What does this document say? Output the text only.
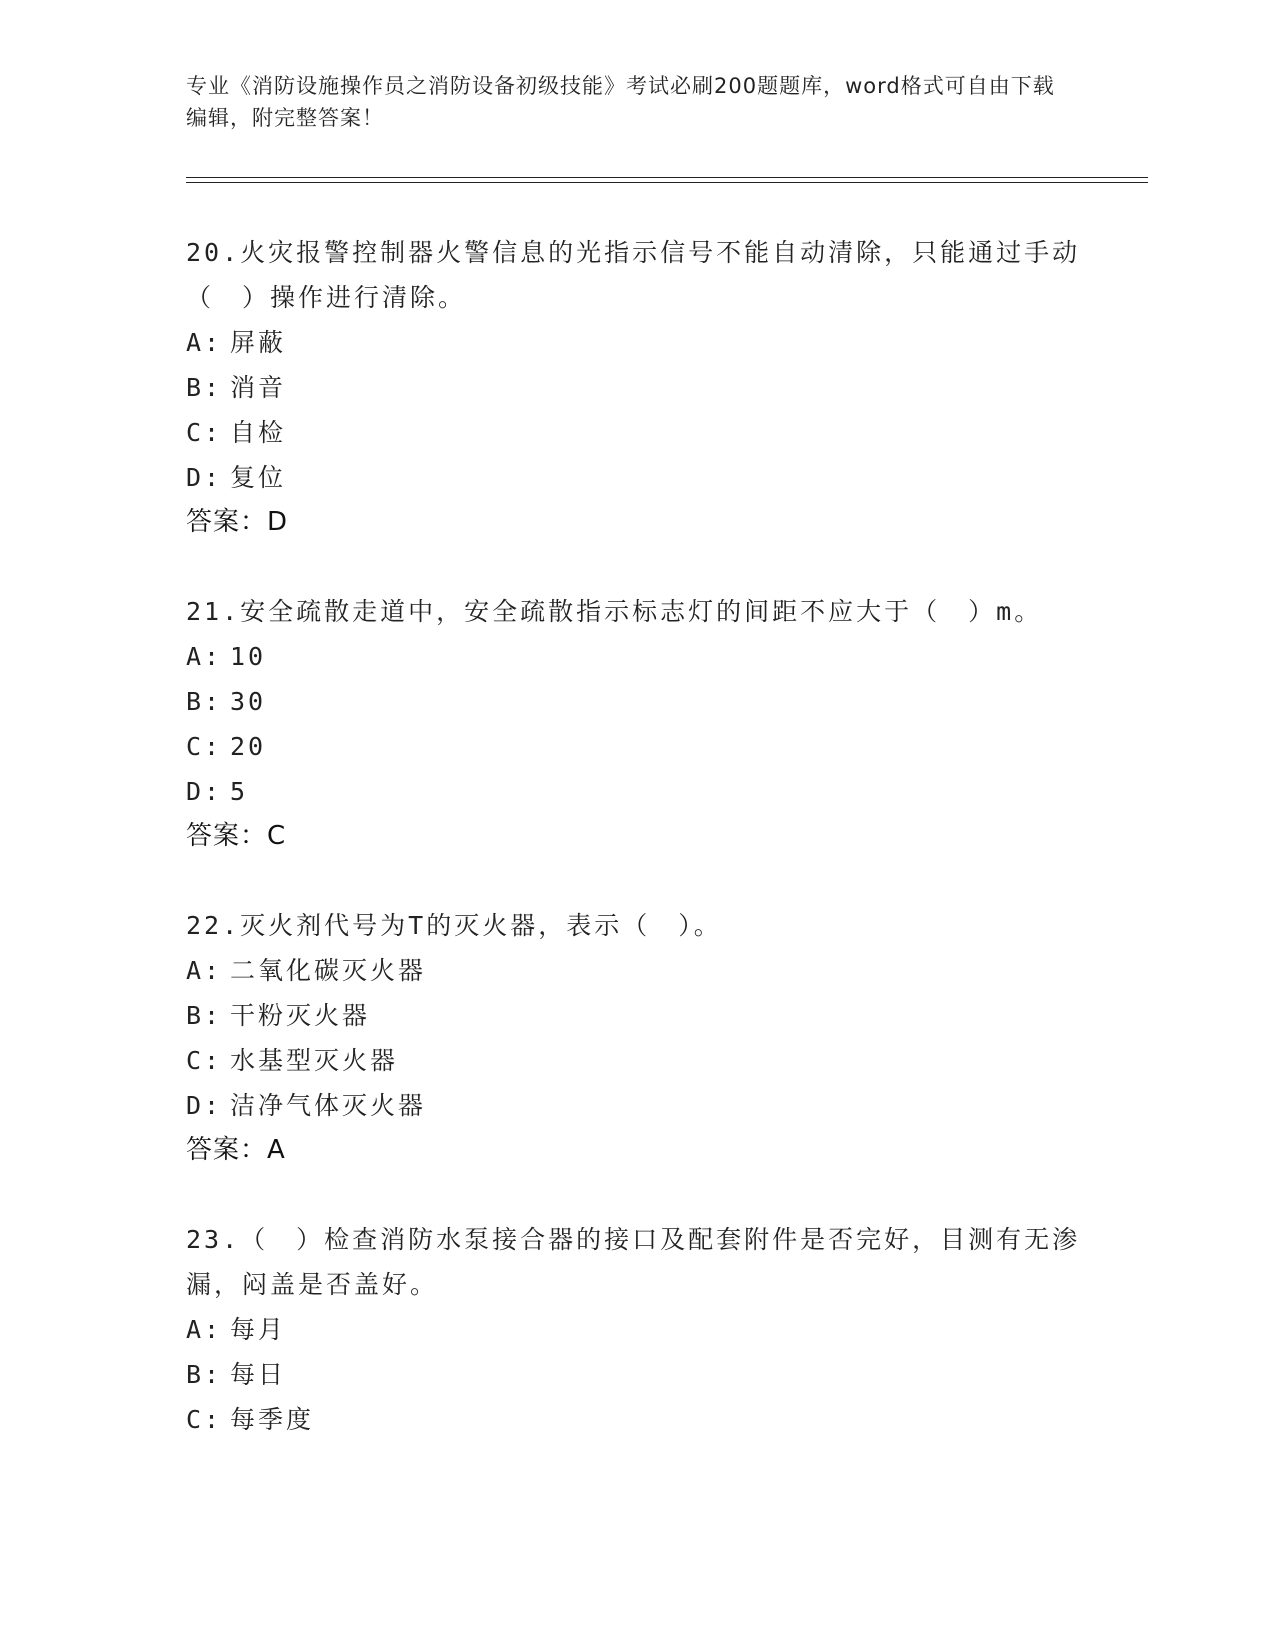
专业《消防设施操作员之消防设备初级技能》考试必刷200题题库，word格式可自由下载编辑，附完整答案！

20.火灾报警控制器火警信息的光指示信号不能自动清除，只能通过手动（　）操作进行清除。

A: 屏蔽
B: 消音
C: 自检
D: 复位
答案：D

21.安全疏散走道中，安全疏散指示标志灯的间距不应大于（　）m。

A: 10
B: 30
C: 20
D: 5
答案：C

22.灭火剂代号为T的灭火器，表示（　）。

A: 二氧化碳灭火器
B: 干粉灭火器
C: 水基型灭火器
D: 洁净气体灭火器
答案：A

23.（　）检查消防水泵接合器的接口及配套附件是否完好，目测有无渗漏，闷盖是否盖好。

A: 每月
B: 每日
C: 每季度
